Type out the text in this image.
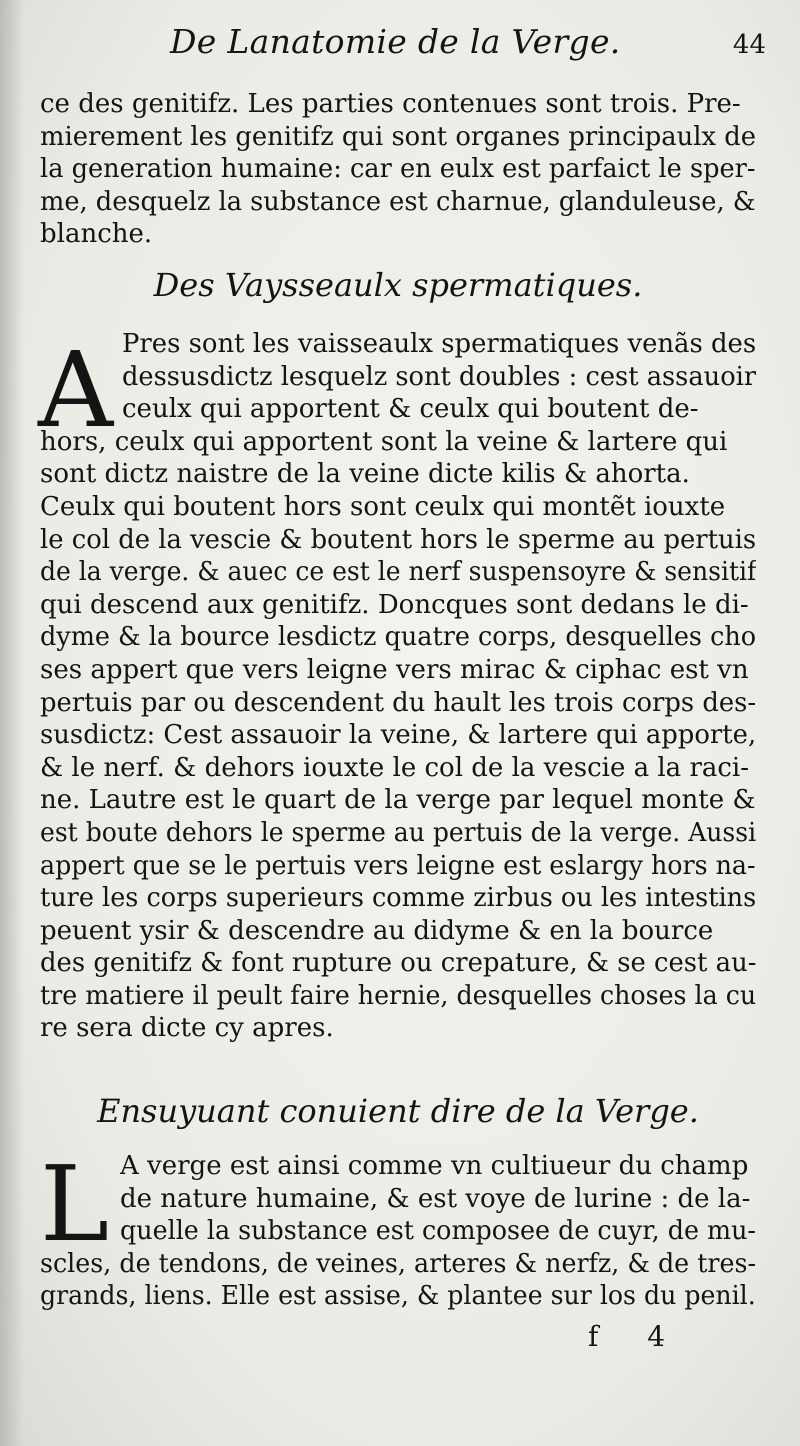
De Lanatomie de la Verge.	44
ce des genitifz. Les parties contenues sont trois. Pre-
mierement les genitifz qui sont organes principaulx de
la generation humaine: car en eulx est parfaict le sper-
me, desquelz la substance est charnue, glanduleuse, &
blanche.
Des Vaysseaulx spermatiques.
A Pres sont les vaisseaulx spermatiques venãs des
dessusdictz lesquelz sont doubles : cest assauoir
ceulx qui apportent & ceulx qui boutent de-
hors, ceulx qui apportent sont la veine & lartere qui
sont dictz naistre de la veine dicte kilis & ahorta.
Ceulx qui boutent hors sont ceulx qui montẽt iouxte
le col de la vescie & boutent hors le sperme au pertuis
de la verge. & auec ce est le nerf suspensoyre & sensitif
qui descend aux genitifz. Doncques sont dedans le di-
dyme & la bource lesdictz quatre corps, desquelles cho
ses appert que vers leigne vers mirac & ciphac est vn
pertuis par ou descendent du hault les trois corps des-
susdictz: Cest assauoir la veine, & lartere qui apporte,
& le nerf. & dehors iouxte le col de la vescie a la raci-
ne. Lautre est le quart de la verge par lequel monte &
est boute dehors le sperme au pertuis de la verge. Aussi
appert que se le pertuis vers leigne est eslargy hors na-
ture les corps superieurs comme zirbus ou les intestins
peuent ysir & descendre au didyme & en la bource
des genitifz & font rupture ou crepature, & se cest au-
tre matiere il peult faire hernie, desquelles choses la cu
re sera dicte cy apres.
Ensuyuant conuient dire de la Verge.
L A verge est ainsi comme vn cultiueur du champ
de nature humaine, & est voye de lurine : de la-
quelle la substance est composee de cuyr, de mu-
scles, de tendons, de veines, arteres & nerfz, & de tres-
grands, liens. Elle est assise, & plantee sur los du penil.
f 4
